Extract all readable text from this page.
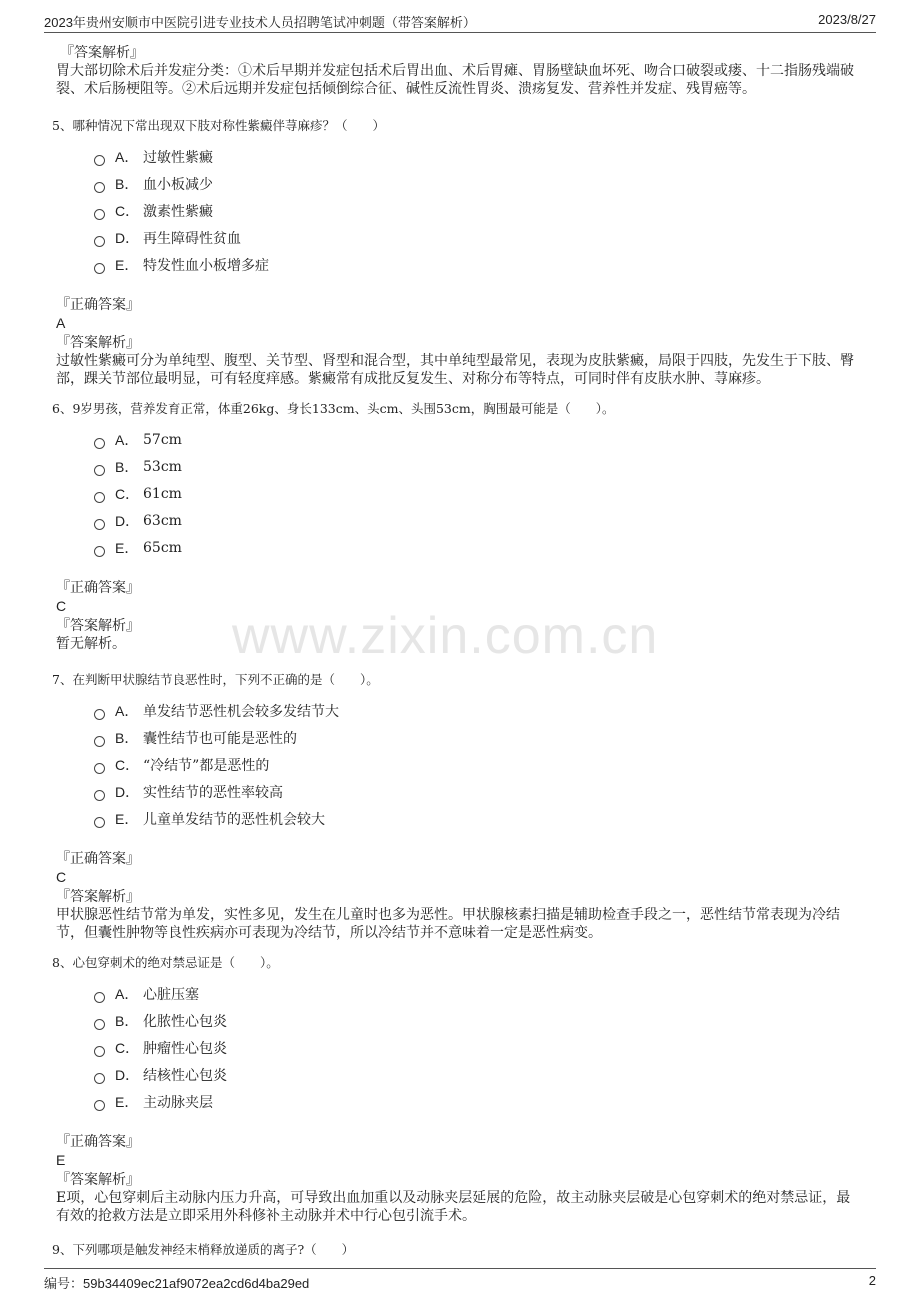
2023年贵州安顺市中医院引进专业技术人员招聘笔试冲刺题（带答案解析）	2023/8/27
www.zixin.com.cn
『答案解析』

胃大部切除术后并发症分类：①术后早期并发症包括术后胃出血、术后胃瘫、胃肠壁缺血坏死、吻合口破裂或瘘、十二指肠残端破裂、术后肠梗阻等。②术后远期并发症包括倾倒综合征、碱性反流性胃炎、溃疡复发、营养性并发症、残胃癌等。

5、哪种情况下常出现双下肢对称性紫癜伴荨麻疹？（　　）
A． 过敏性紫癜
B． 血小板减少
C． 激素性紫癜
D． 再生障碍性贫血
E． 特发性血小板增多症
『正确答案』
A
『答案解析』

过敏性紫癜可分为单纯型、腹型、关节型、肾型和混合型，其中单纯型最常见，表现为皮肤紫癜，局限于四肢，先发生于下肢、臀部，踝关节部位最明显，可有轻度痒感。紫癜常有成批反复发生、对称分布等特点，可同时伴有皮肤水肿、荨麻疹。

6、9岁男孩，营养发育正常，体重26kg、身长133cm、头cm、头围53cm，胸围最可能是（　　）。
A． 57cm
B． 53cm
C． 61cm
D． 63cm
E． 65cm
『正确答案』
C
『答案解析』

暂无解析。

7、在判断甲状腺结节良恶性时，下列不正确的是（　　）。
A． 单发结节恶性机会较多发结节大
B． 囊性结节也可能是恶性的
C． “冷结节”都是恶性的
D． 实性结节的恶性率较高
E． 儿童单发结节的恶性机会较大
『正确答案』
C
『答案解析』

甲状腺恶性结节常为单发，实性多见，发生在儿童时也多为恶性。甲状腺核素扫描是辅助检查手段之一，恶性结节常表现为冷结节，但囊性肿物等良性疾病亦可表现为冷结节，所以冷结节并不意味着一定是恶性病变。

8、心包穿刺术的绝对禁忌证是（　　）。
A． 心脏压塞
B． 化脓性心包炎
C． 肿瘤性心包炎
D． 结核性心包炎
E． 主动脉夹层
『正确答案』
E
『答案解析』

E项，心包穿刺后主动脉内压力升高，可导致出血加重以及动脉夹层延展的危险，故主动脉夹层破是心包穿刺术的绝对禁忌证，最有效的抢救方法是立即采用外科修补主动脉并术中行心包引流手术。

9、下列哪项是触发神经末梢释放递质的离子?（　　）
编号：59b34409ec21af9072ea2cd6d4ba29ed	2
